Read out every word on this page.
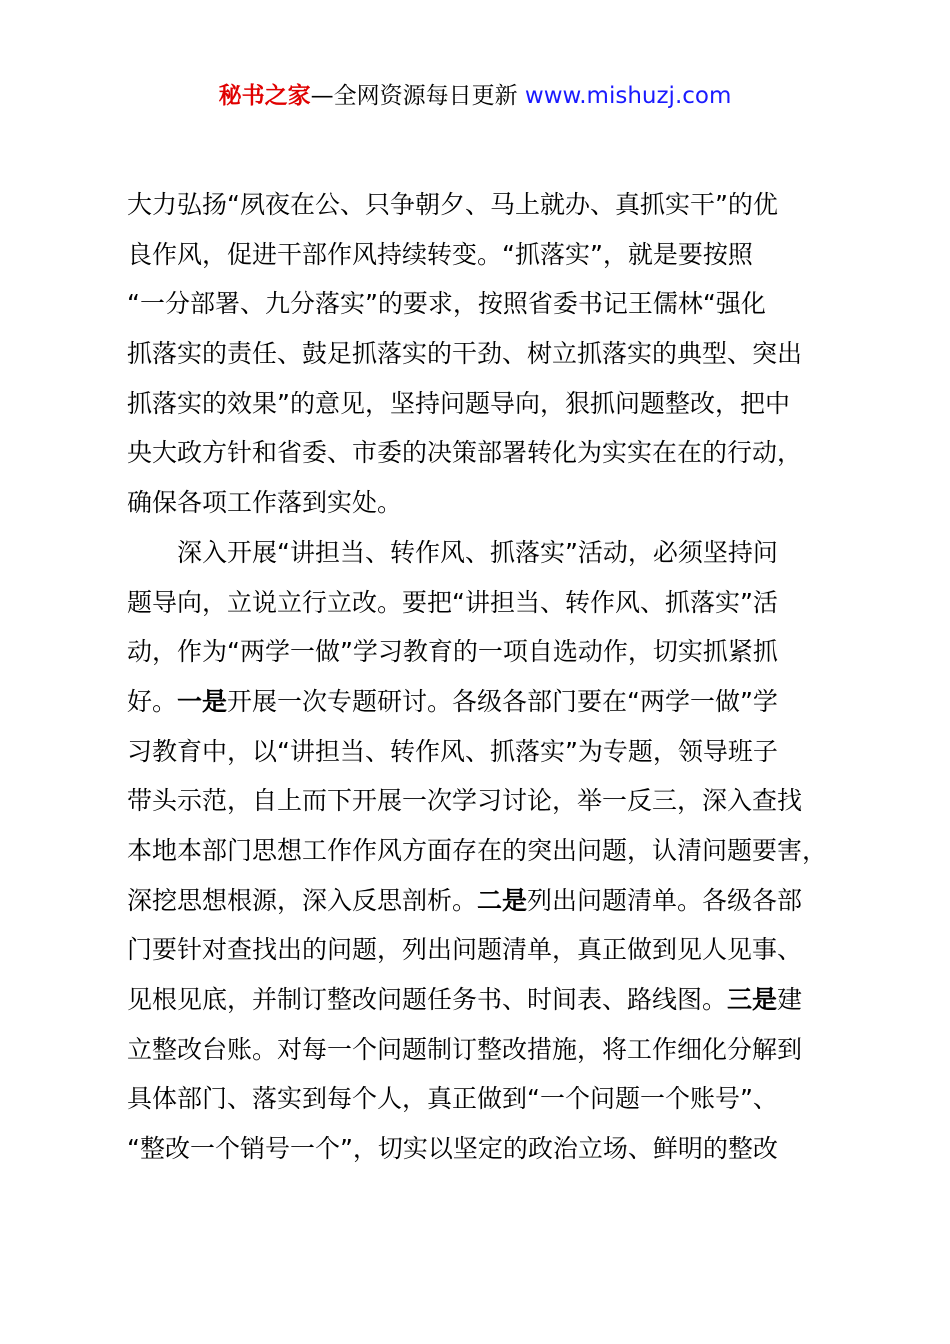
秘书之家—全网资源每日更新 www.mishuzj.com
大力弘扬“夙夜在公、只争朝夕、马上就办、真抓实干”的优
良作风，促进干部作风持续转变。“抓落实”，就是要按照
“一分部署、九分落实”的要求，按照省委书记王儒林“强化
抓落实的责任、鼓足抓落实的干劲、树立抓落实的典型、突出
抓落实的效果”的意见，坚持问题导向，狠抓问题整改，把中
央大政方针和省委、市委的决策部署转化为实实在在的行动，
确保各项工作落到实处。
深入开展“讲担当、转作风、抓落实”活动，必须坚持问
题导向，立说立行立改。要把“讲担当、转作风、抓落实”活
动，作为“两学一做”学习教育的一项自选动作，切实抓紧抓
好。一是开展一次专题研讨。各级各部门要在“两学一做”学
习教育中，以“讲担当、转作风、抓落实”为专题，领导班子
带头示范，自上而下开展一次学习讨论，举一反三，深入查找
本地本部门思想工作作风方面存在的突出问题，认清问题要害，
深挖思想根源，深入反思剖析。二是列出问题清单。各级各部
门要针对查找出的问题，列出问题清单，真正做到见人见事、
见根见底，并制订整改问题任务书、时间表、路线图。三是建
立整改台账。对每一个问题制订整改措施，将工作细化分解到
具体部门、落实到每个人，真正做到“一个问题一个账号”、
“整改一个销号一个”，切实以坚定的政治立场、鲜明的整改
